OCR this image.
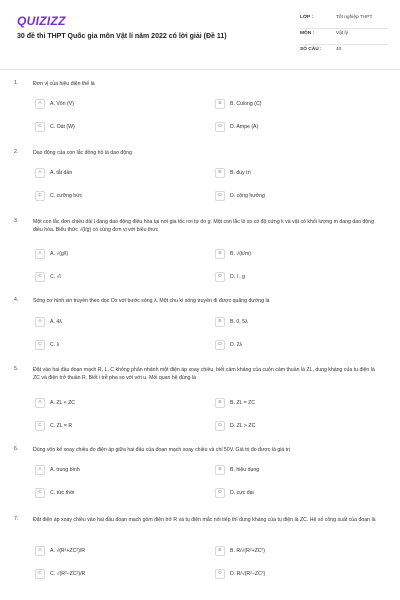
QUIZIZZ
30 đề thi THPT Quốc gia môn Vật lí năm 2022 có lời giải (Đề 11)
LỚP :	Tốt nghiệp THPT
MÔN :	Vật lý
SỐ CÂU :	40
1.	Đơn vị của hiệu điện thế là
A	A. Vôn (V)	B	B. Culong (C)
C	C. Oát (W)	D	D. Ampe (A)
2.	Dao động của con lắc đồng hồ là dao động
A	A. tắt dần	B	B. duy trì
C	C. cưỡng bức	D	D. cộng hưởng
3.	Một con lắc đơn chiều dài l đang dao động điều hòa tại nơi gia tốc rơi tự do g. Một con lắc lò xo có độ cứng k và vật có khối lượng m đang dao động điều hòa. Biểu thức √(l/g) có cùng đơn vị với biểu thức
A	A. √(g/l)	B	B. √(k/m)
C	C. √l	D	D. l . g
4.	Sóng cơ hình sin truyền theo dọc Ox với bước sóng λ. Một chu kì sóng truyền đi được quãng đường là
A	A. 4λ	B	B. 0, 5λ
C	C. λ	D	D. 2λ
5.	Đặt vào hai đầu đoạn mạch R, L, C không phân nhánh một điện áp xoay chiều, biết cảm kháng của cuộn cảm thuần là ZL, dung kháng của tụ điện là ZC và điện trở thuần R. Biết i trễ pha so với với u. Mối quan hệ đúng là
A	A. ZL < ZC	B	B. ZL = ZC
C	C. ZL = R	D	D. ZL > ZC
6.	Dùng vôn kế xoay chiều đo điện áp giữa hai đầu của đoạn mạch xoay chiều và chỉ 50V. Giá trị đo được là giá trị
A	A. trung bình	B	B. hiệu dụng
C	C. tức thời	D	D. cực đại
7.	Đặt điện áp xoay chiều vào hai đầu đoạn mạch gồm điện trở R và tụ điện mắc nối tiếp thì dung kháng của tụ điện là ZC. Hệ số công suất của đoạn là
A	A. √(R²+ZC²)/R	B	B. R/√(R²+ZC²)
C	C. √(R²−ZC²)/R	D	D. R/√(R²−ZC²)
